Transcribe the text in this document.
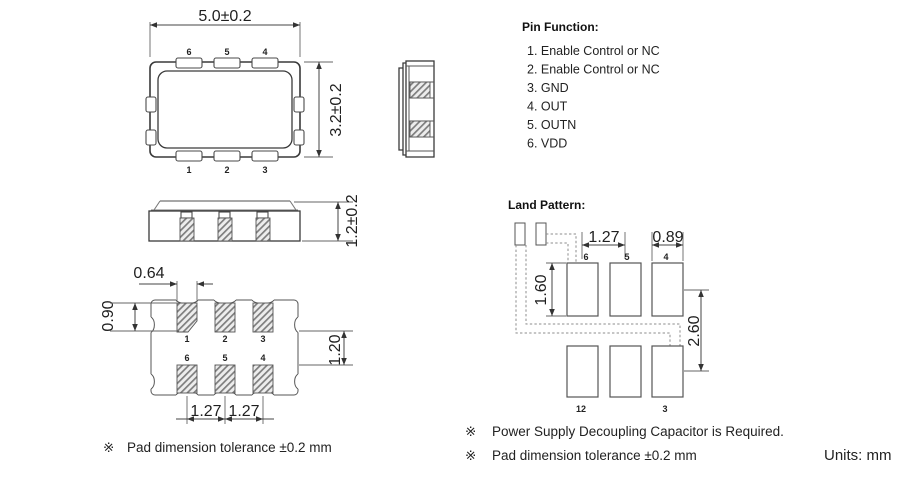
5.0±0.2
3.2±0.2
6	5	4
1	2	3
1.2±0.2
1	2	3
6	5	4
0.64
0.90
1.20
1.27 1.27
※ Pad dimension tolerance ±0.2 mm
Pin Function:
1. Enable Control or NC
2. Enable Control or NC
3. GND
4. OUT
5. OUTN
6. VDD
Land Pattern:
1.27 0.89
6	5	4
12	3
1.60
2.60
※ Power Supply Decoupling Capacitor is Required.
※ Pad dimension tolerance ±0.2 mm	Units: mm
